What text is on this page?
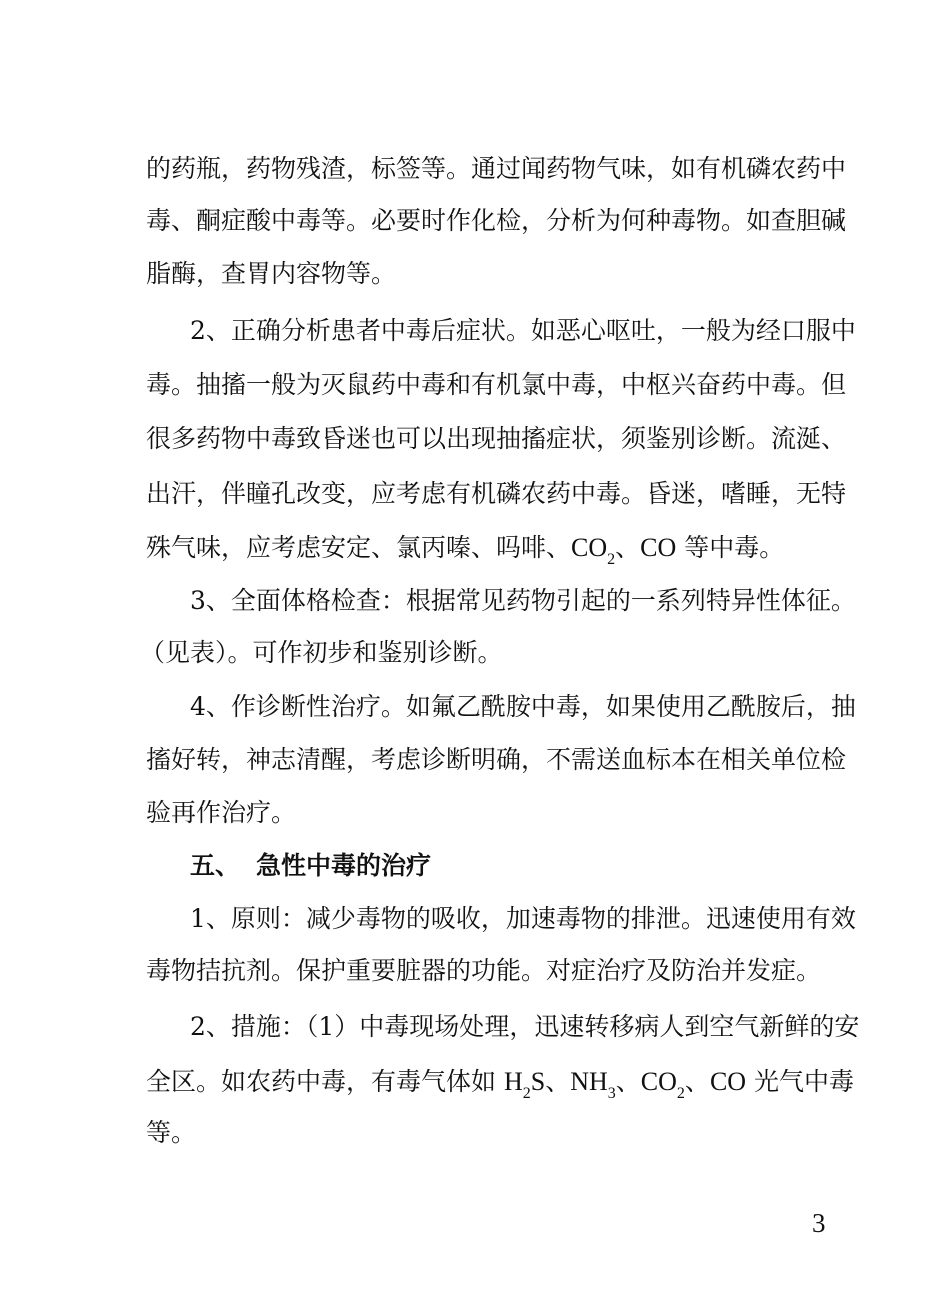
的药瓶，药物残渣，标签等。通过闻药物气味，如有机磷农药中
毒、酮症酸中毒等。必要时作化检，分析为何种毒物。如查胆碱
脂酶，查胃内容物等。
2、正确分析患者中毒后症状。如恶心呕吐，一般为经口服中
毒。抽搐一般为灭鼠药中毒和有机氯中毒，中枢兴奋药中毒。但
很多药物中毒致昏迷也可以出现抽搐症状，须鉴别诊断。流涎、
出汗，伴瞳孔改变，应考虑有机磷农药中毒。昏迷，嗜睡，无特
殊气味，应考虑安定、氯丙嗪、吗啡、$CO_2$、CO 等中毒。
3、全面体格检查：根据常见药物引起的一系列特异性体征。
（见表）。可作初步和鉴别诊断。
4、作诊断性治疗。如氟乙酰胺中毒，如果使用乙酰胺后，抽
搐好转，神志清醒，考虑诊断明确，不需送血标本在相关单位检
验再作治疗。
五、 急性中毒的治疗
1、原则：减少毒物的吸收，加速毒物的排泄。迅速使用有效
毒物拮抗剂。保护重要脏器的功能。对症治疗及防治并发症。
2、措施：（1）中毒现场处理，迅速转移病人到空气新鲜的安
全区。如农药中毒，有毒气体如 $H_2S$、$NH_3$、$CO_2$、CO 光气中毒
等。
3
